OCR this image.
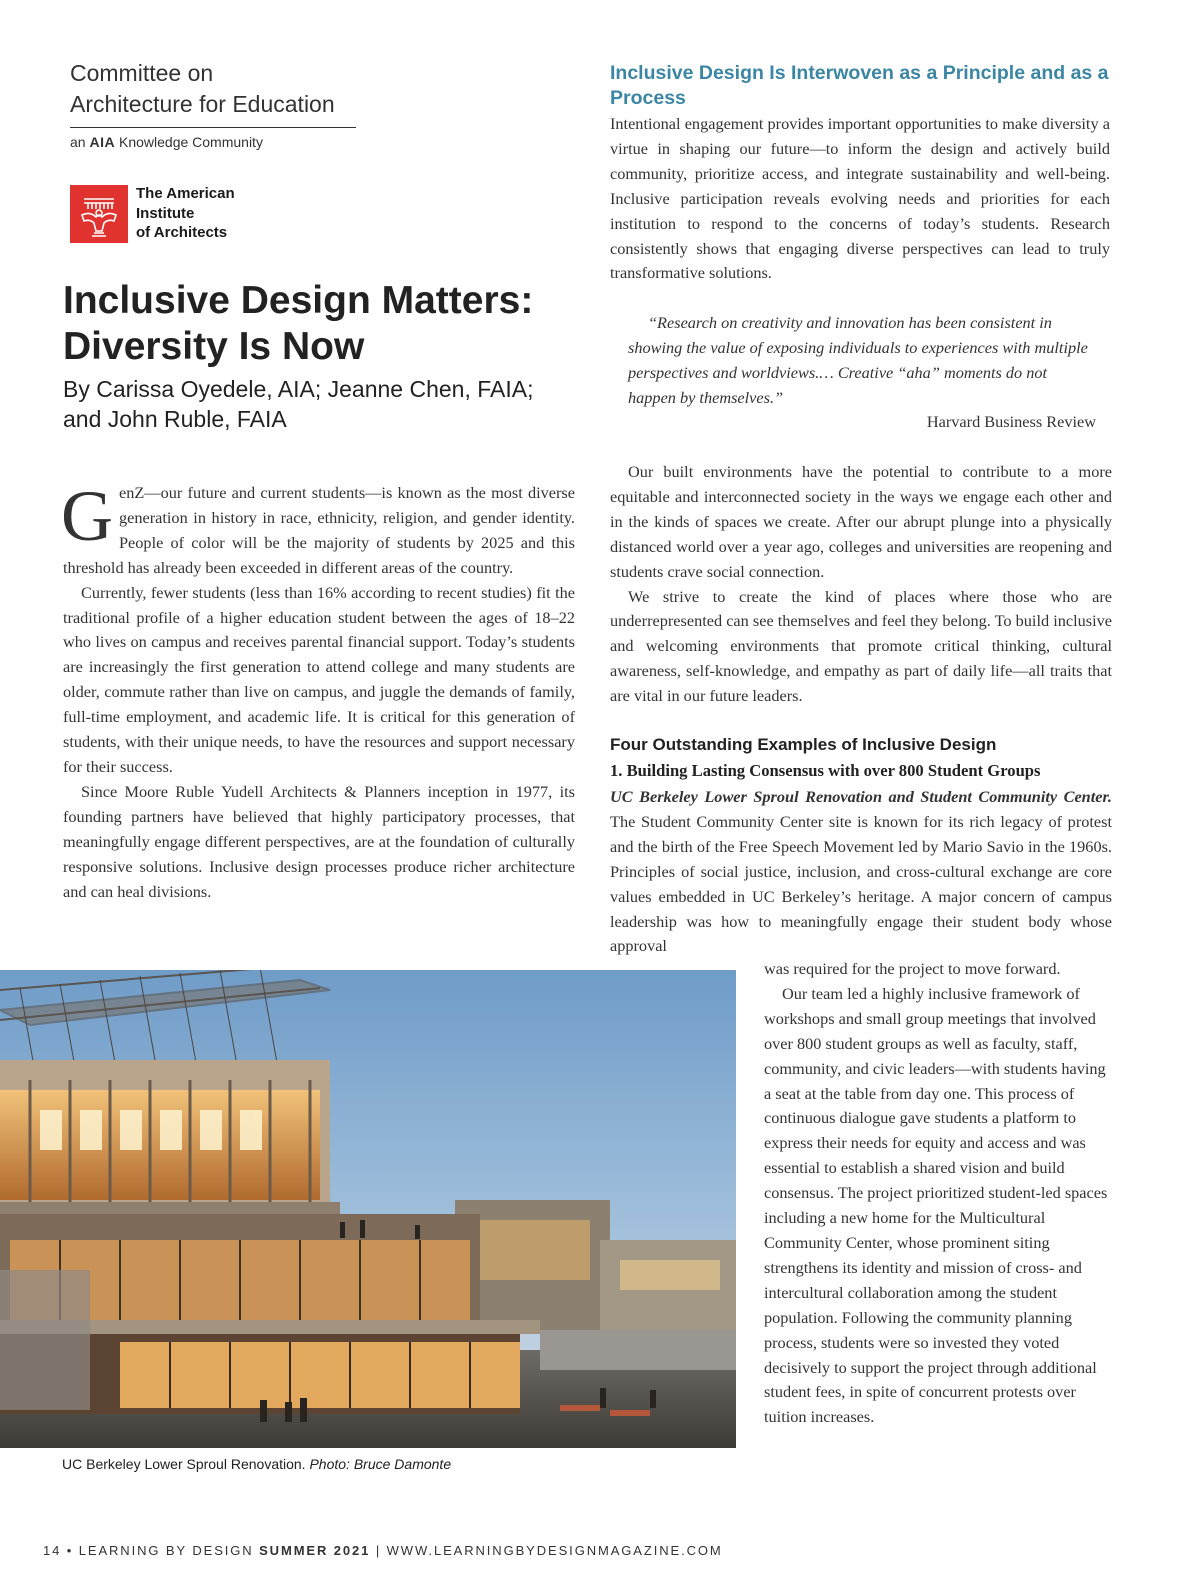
Committee on
Architecture for Education
an AIA Knowledge Community
The American
Institute
of Architects
Inclusive Design Matters:
Diversity Is Now
By Carissa Oyedele, AIA; Jeanne Chen, FAIA;
and John Ruble, FAIA

GenZ—our future and current students—is known as the most diverse generation in history in race, ethnicity, religion, and gender identity. People of color will be the majority of students by 2025 and this threshold has already been exceeded in different areas of the country.

Currently, fewer students (less than 16% according to recent studies) fit the traditional profile of a higher education student between the ages of 18–22 who lives on campus and receives parental financial support. Today’s students are increasingly the first generation to attend college and many students are older, commute rather than live on campus, and juggle the demands of family, full-time employment, and academic life. It is critical for this generation of students, with their unique needs, to have the resources and support necessary for their success.

Since Moore Ruble Yudell Architects & Planners inception in 1977, its founding partners have believed that highly participatory processes, that meaningfully engage different perspectives, are at the foundation of culturally responsive solutions. Inclusive design processes produce richer architecture and can heal divisions.

Inclusive Design Is Interwoven as a Principle and as a Process

Intentional engagement provides important opportunities to make diversity a virtue in shaping our future—to inform the design and actively build community, prioritize access, and integrate sustainability and well-being. Inclusive participation reveals evolving needs and priorities for each institution to respond to the concerns of today’s students. Research consistently shows that engaging diverse perspectives can lead to truly transformative solutions.

“Research on creativity and innovation has been consistent in showing the value of exposing individuals to experiences with multiple perspectives and worldviews.… Creative “aha” moments do not happen by themselves.”
Harvard Business Review

Our built environments have the potential to contribute to a more equitable and interconnected society in the ways we engage each other and in the kinds of spaces we create. After our abrupt plunge into a physically distanced world over a year ago, colleges and universities are reopening and students crave social connection.

We strive to create the kind of places where those who are underrepresented can see themselves and feel they belong. To build inclusive and welcoming environments that promote critical thinking, cultural awareness, self-knowledge, and empathy as part of daily life—all traits that are vital in our future leaders.

Four Outstanding Examples of Inclusive Design
1. Building Lasting Consensus with over 800 Student Groups

UC Berkeley Lower Sproul Renovation and Student Community Center. The Student Community Center site is known for its rich legacy of protest and the birth of the Free Speech Movement led by Mario Savio in the 1960s. Principles of social justice, inclusion, and cross-cultural exchange are core values embedded in UC Berkeley’s heritage. A major concern of campus leadership was how to meaningfully engage their student body whose approval

was required for the project to move forward.

Our team led a highly inclusive framework of workshops and small group meetings that involved over 800 student groups as well as faculty, staff, community, and civic leaders—with students having a seat at the table from day one. This process of continuous dialogue gave students a platform to express their needs for equity and access and was essential to establish a shared vision and build consensus. The project prioritized student-led spaces including a new home for the Multicultural Community Center, whose prominent siting strengthens its identity and mission of cross- and intercultural collaboration among the student population. Following the community planning process, students were so invested they voted decisively to support the project through additional student fees, in spite of concurrent protests over tuition increases.

UC Berkeley Lower Sproul Renovation. Photo: Bruce Damonte
14 • LEARNING BY DESIGN SUMMER 2021 | WWW.LEARNINGBYDESIGNMAGAZINE.COM
